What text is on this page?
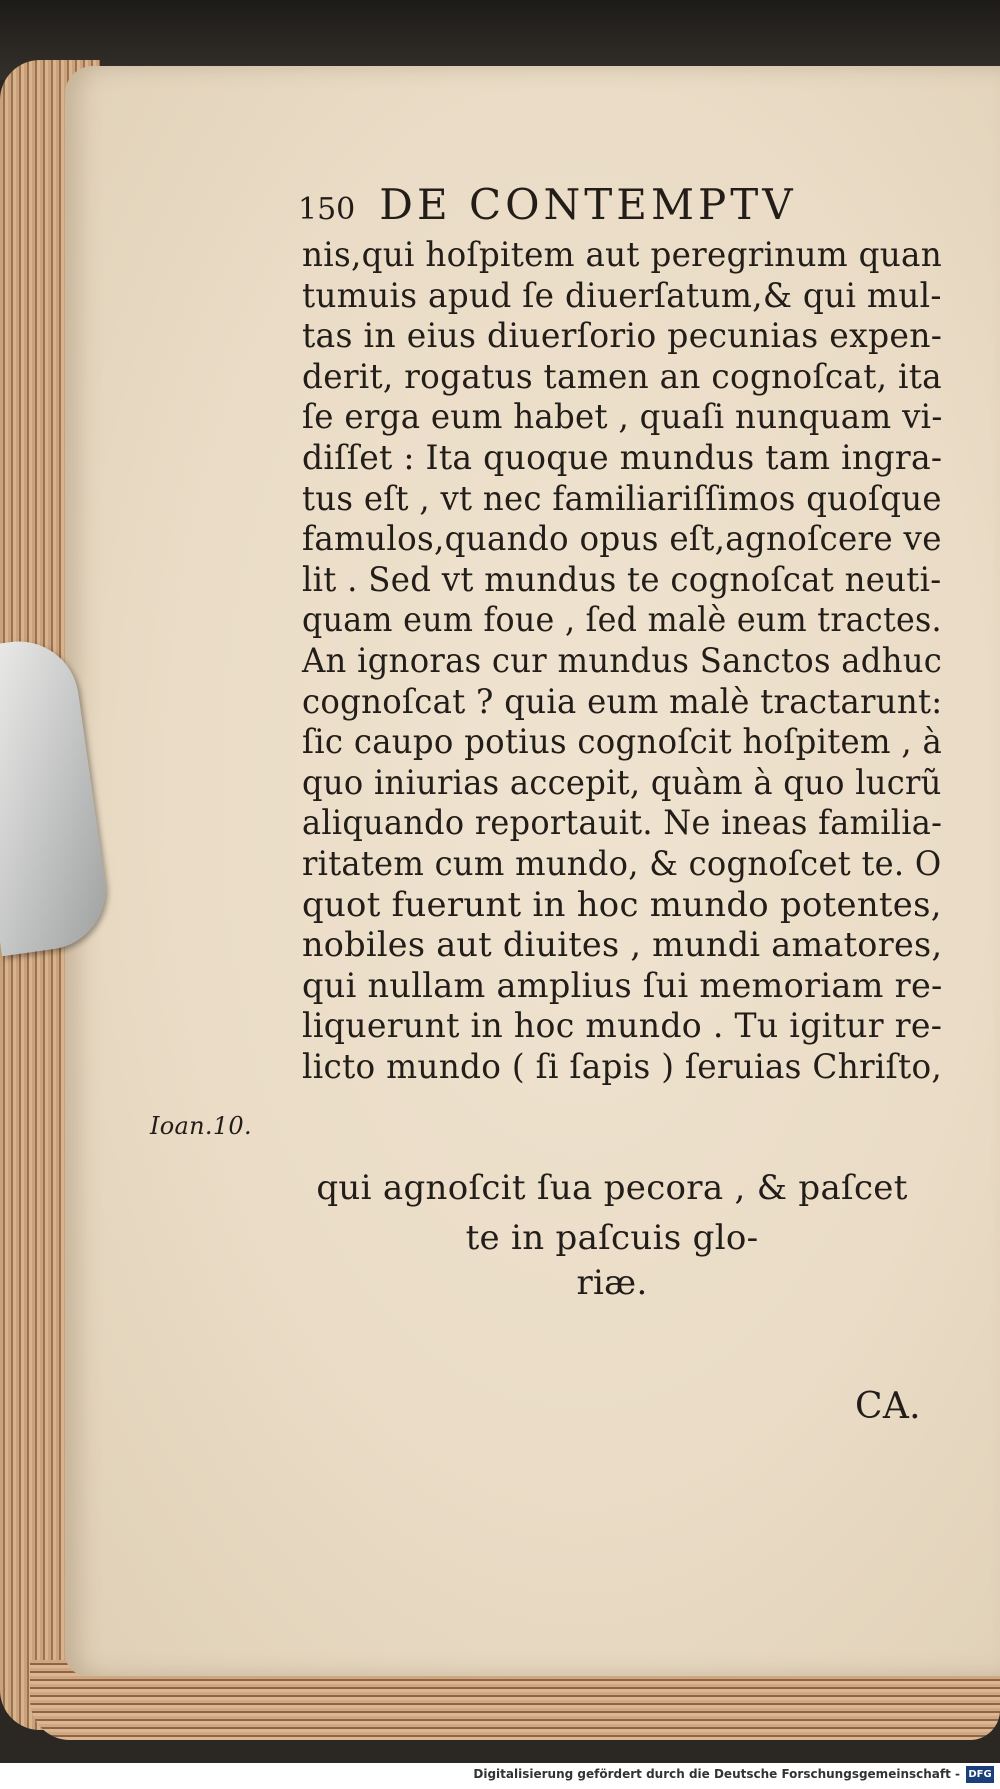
150 DE CONTEMPTV
nis,qui hoſpitem aut peregrinum quan
tumuis apud ſe diuerſatum,& qui mul-
tas in eius diuerſorio pecunias expen-
derit, rogatus tamen an cognoſcat, ita
ſe erga eum habet , quaſi nunquam vi-
diſſet : Ita quoque mundus tam ingra-
tus eſt , vt nec familiariſſimos quoſque
famulos,quando opus eſt,agnoſcere ve
lit . Sed vt mundus te cognoſcat neuti-
quam eum foue , ſed malè eum tractes.
An ignoras cur mundus Sanctos adhuc
cognoſcat ? quia eum malè tractarunt:
ſic caupo potius cognoſcit hoſpitem , à
quo iniurias accepit, quàm à quo lucrũ
aliquando reportauit. Ne ineas familia-
ritatem cum mundo, & cognoſcet te. O
quot fuerunt in hoc mundo potentes,
nobiles aut diuites , mundi amatores,
qui nullam amplius ſui memoriam re-
liquerunt in hoc mundo . Tu igitur re-
licto mundo ( ſi ſapis ) ſeruias Chriſto,
Ioan.10.
qui agnoſcit ſua pecora , & paſcet
te in paſcuis glo-
riæ.
CA.
Digitalisierung gefördert durch die Deutsche Forschungsgemeinschaft - DFG
